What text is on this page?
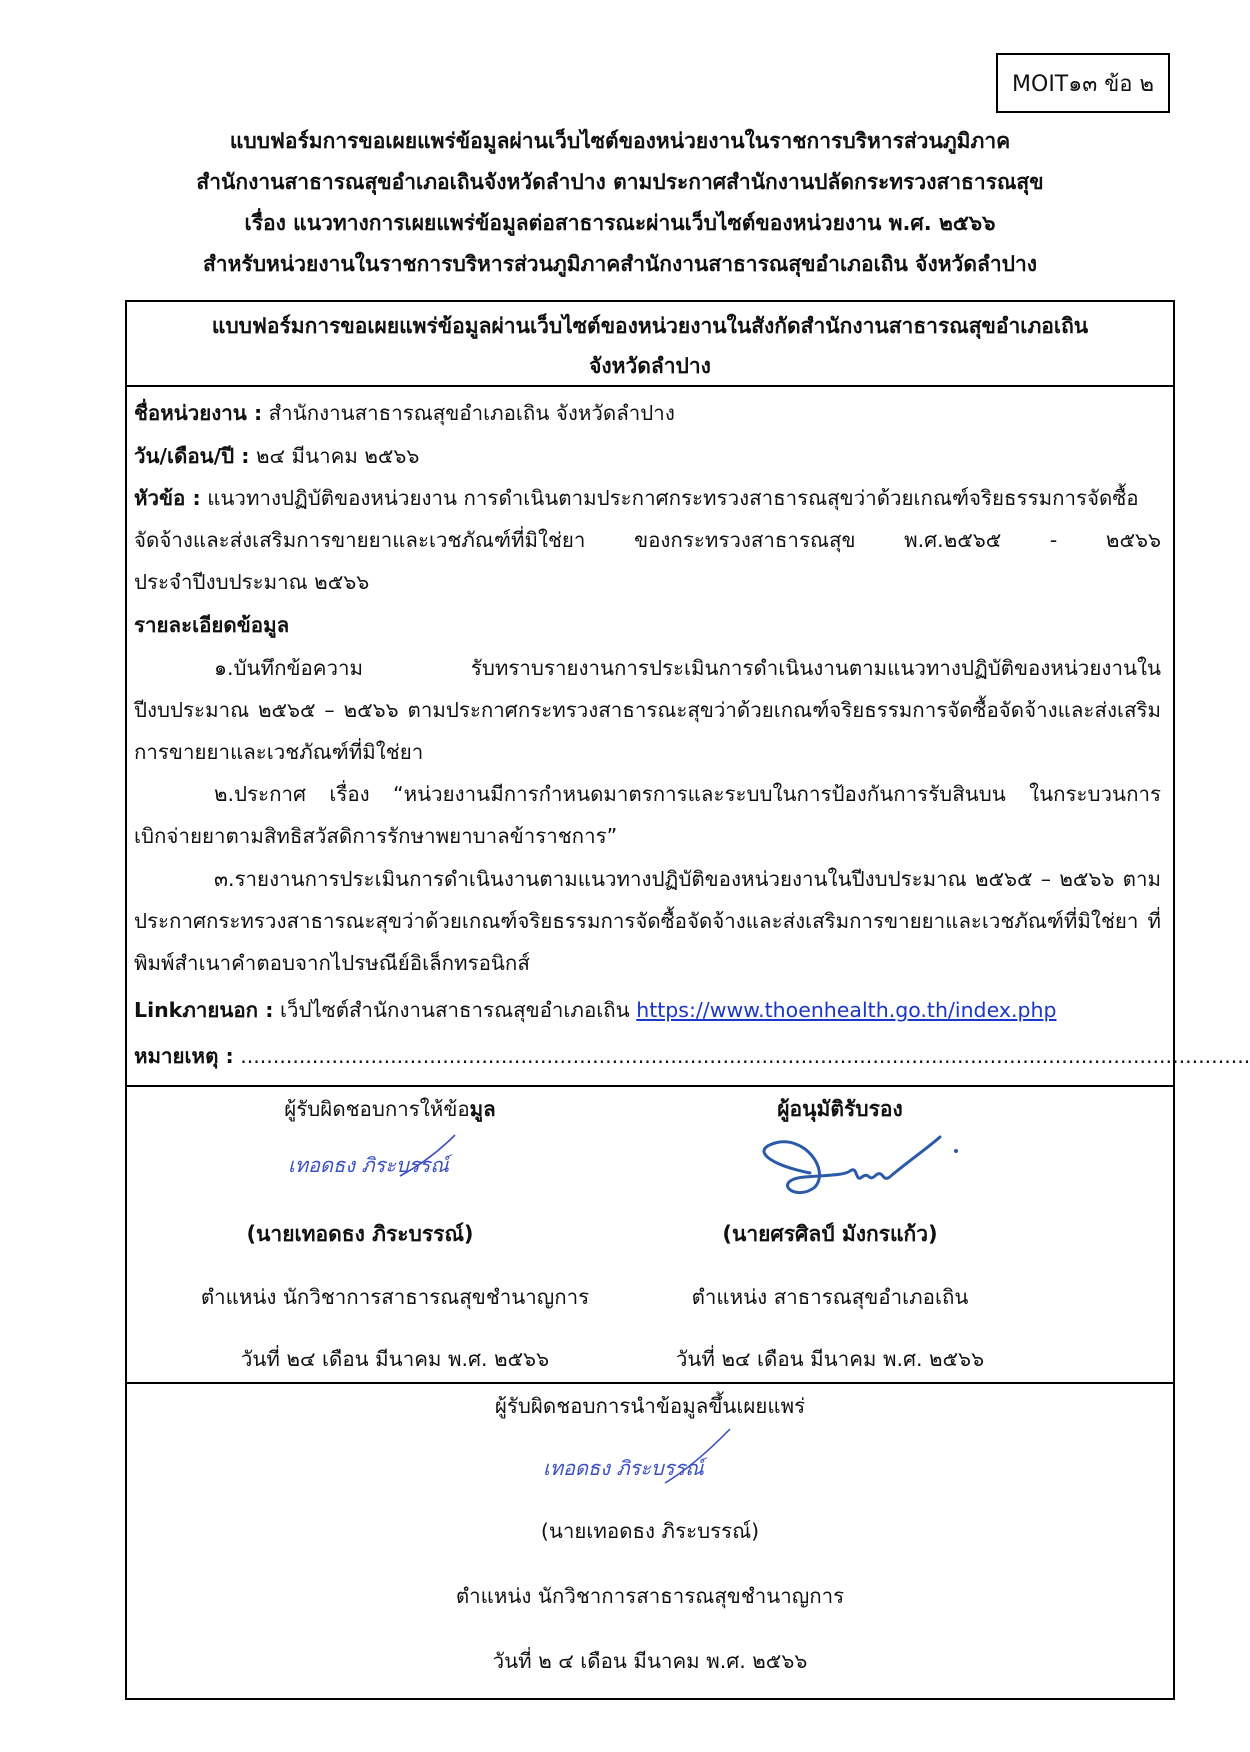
MOIT๑๓ ข้อ ๒
แบบฟอร์มการขอเผยแพร่ข้อมูลผ่านเว็บไซต์ของหน่วยงานในราชการบริหารส่วนภูมิภาค
สำนักงานสาธารณสุขอำเภอเถินจังหวัดลำปาง ตามประกาศสำนักงานปลัดกระทรวงสาธารณสุข
เรื่อง แนวทางการเผยแพร่ข้อมูลต่อสาธารณะผ่านเว็บไซต์ของหน่วยงาน พ.ศ. ๒๕๖๖
สำหรับหน่วยงานในราชการบริหารส่วนภูมิภาคสำนักงานสาธารณสุขอำเภอเถิน จังหวัดลำปาง
แบบฟอร์มการขอเผยแพร่ข้อมูลผ่านเว็บไซต์ของหน่วยงานในสังกัดสำนักงานสาธารณสุขอำเภอเถิน
จังหวัดลำปาง
ชื่อหน่วยงาน : สำนักงานสาธารณสุขอำเภอเถิน จังหวัดลำปาง
วัน/เดือน/ปี : ๒๔ มีนาคม ๒๕๖๖
หัวข้อ : แนวทางปฏิบัติของหน่วยงาน การดำเนินตามประกาศกระทรวงสาธารณสุขว่าด้วยเกณฑ์จริยธรรมการจัดซื้อ
จัดจ้างและส่งเสริมการขายยาและเวชภัณฑ์ที่มิใช่ยา ของกระทรวงสาธารณสุข พ.ศ.๒๕๖๕ - ๒๕๖๖
ประจำปีงบประมาณ ๒๕๖๖
รายละเอียดข้อมูล
๑.บันทึกข้อความ รับทราบรายงานการประเมินการดำเนินงานตามแนวทางปฏิบัติของหน่วยงานใน
ปีงบประมาณ ๒๕๖๕ – ๒๕๖๖ ตามประกาศกระทรวงสาธารณะสุขว่าด้วยเกณฑ์จริยธรรมการจัดซื้อจัดจ้างและส่งเสริม
การขายยาและเวชภัณฑ์ที่มิใช่ยา
๒.ประกาศ เรื่อง “หน่วยงานมีการกำหนดมาตรการและระบบในการป้องกันการรับสินบน ในกระบวนการ
เบิกจ่ายยาตามสิทธิสวัสดิการรักษาพยาบาลข้าราชการ”
๓.รายงานการประเมินการดำเนินงานตามแนวทางปฏิบัติของหน่วยงานในปีงบประมาณ ๒๕๖๕ – ๒๕๖๖ ตาม
ประกาศกระทรวงสาธารณะสุขว่าด้วยเกณฑ์จริยธรรมการจัดซื้อจัดจ้างและส่งเสริมการขายยาและเวชภัณฑ์ที่มิใช่ยา ที่
พิมพ์สำเนาคำตอบจากไปรษณีย์อิเล็กทรอนิกส์
Linkภายนอก : เว็ปไซต์สำนักงานสาธารณสุขอำเภอเถิน https://www.thoenhealth.go.th/index.php
หมายเหตุ : ...........................................................................................................................................................
ผู้รับผิดชอบการให้ข้อมูล
เทอดธง ภิระบรรณ์
(นายเทอดธง ภิระบรรณ์)
ตำแหน่ง นักวิชาการสาธารณสุขชำนาญการ
วันที่ ๒๔ เดือน มีนาคม พ.ศ. ๒๕๖๖
ผู้อนุมัติรับรอง
(นายศรศิลป์ มังกรแก้ว)
ตำแหน่ง สาธารณสุขอำเภอเถิน
วันที่ ๒๔ เดือน มีนาคม พ.ศ. ๒๕๖๖
ผู้รับผิดชอบการนำข้อมูลขึ้นเผยแพร่
เทอดธง ภิระบรรณ์
(นายเทอดธง ภิระบรรณ์)
ตำแหน่ง นักวิชาการสาธารณสุขชำนาญการ
วันที่ ๒ ๔ เดือน มีนาคม พ.ศ. ๒๕๖๖
